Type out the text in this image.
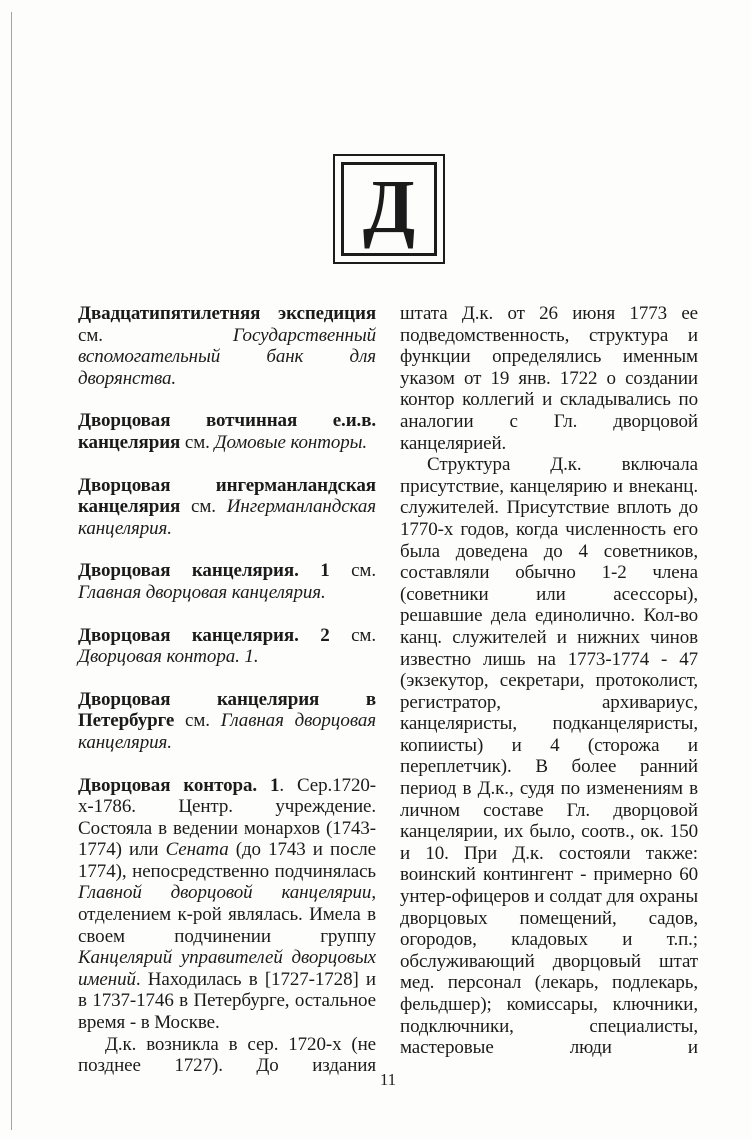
Д

Двадцатипятилетняя экспедиция см. Государственный вспомогательный банк для дворянства.

Дворцовая вотчинная е.и.в. канцелярия см. Домовые конторы.

Дворцовая ингерманландская канцелярия см. Ингерманландская канцелярия.

Дворцовая канцелярия. 1 см. Главная дворцовая канцелярия.

Дворцовая канцелярия. 2 см. Дворцовая контора. 1.

Дворцовая канцелярия в Петербурге см. Главная дворцовая канцелярия.

Дворцовая контора. 1. Сер.1720-х-1786. Центр. учреждение. Состояла в ведении монархов (1743-1774) или Сената (до 1743 и после 1774), непосредственно подчинялась Главной дворцовой канцелярии, отделением к-рой являлась. Имела в своем подчинении группу Канцелярий управителей дворцовых имений. Находилась в [1727-1728] и в 1737-1746 в Петербурге, остальное время - в Москве.

Д.к. возникла в сер. 1720-х (не позднее 1727). До издания

штата Д.к. от 26 июня 1773 ее подведомственность, структура и функции определялись именным указом от 19 янв. 1722 о создании контор коллегий и складывались по аналогии с Гл. дворцовой канцелярией.

Структура Д.к. включала присутствие, канцелярию и внеканц. служителей. Присутствие вплоть до 1770-х годов, когда численность его была доведена до 4 советников, составляли обычно 1-2 члена (советники или асессоры), решавшие дела единолично. Кол-во канц. служителей и нижних чинов известно лишь на 1773-1774 - 47 (экзекутор, секретари, протоколист, регистратор, архивариус, канцеляристы, подканцеляристы, копиисты) и 4 (сторожа и переплетчик). В более ранний период в Д.к., судя по изменениям в личном составе Гл. дворцовой канцелярии, их было, соотв., ок. 150 и 10. При Д.к. состояли также: воинский контингент - примерно 60 унтер-офицеров и солдат для охраны дворцовых помещений, садов, огородов, кладовых и т.п.; обслуживающий дворцовый штат мед. персонал (лекарь, подлекарь, фельдшер); комиссары, ключники, подключники, специалисты, мастеровые люди и

11
